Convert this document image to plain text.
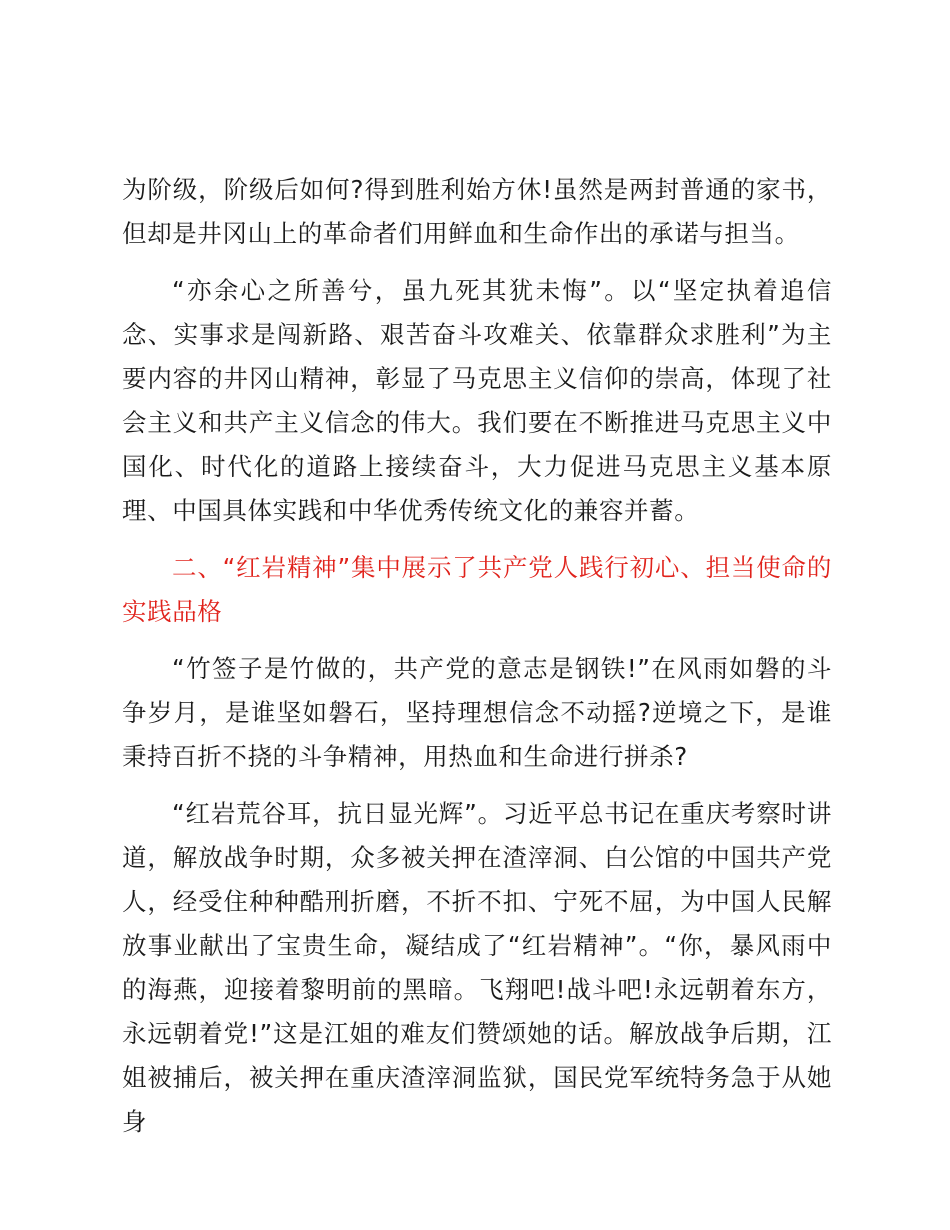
为阶级，阶级后如何?得到胜利始方休!虽然是两封普通的家书，但却是井冈山上的革命者们用鲜血和生命作出的承诺与担当。

“亦余心之所善兮，虽九死其犹未悔”。以“坚定执着追信念、实事求是闯新路、艰苦奋斗攻难关、依靠群众求胜利”为主要内容的井冈山精神，彰显了马克思主义信仰的崇高，体现了社会主义和共产主义信念的伟大。我们要在不断推进马克思主义中国化、时代化的道路上接续奋斗，大力促进马克思主义基本原理、中国具体实践和中华优秀传统文化的兼容并蓄。

二、“红岩精神”集中展示了共产党人践行初心、担当使命的实践品格

“竹签子是竹做的，共产党的意志是钢铁!”在风雨如磐的斗争岁月，是谁坚如磐石，坚持理想信念不动摇?逆境之下，是谁秉持百折不挠的斗争精神，用热血和生命进行拼杀?

“红岩荒谷耳，抗日显光辉”。习近平总书记在重庆考察时讲道，解放战争时期，众多被关押在渣滓洞、白公馆的中国共产党人，经受住种种酷刑折磨，不折不扣、宁死不屈，为中国人民解放事业献出了宝贵生命，凝结成了“红岩精神”。“你，暴风雨中的海燕，迎接着黎明前的黑暗。飞翔吧!战斗吧!永远朝着东方，永远朝着党!”这是江姐的难友们赞颂她的话。解放战争后期，江姐被捕后，被关押在重庆渣滓洞监狱，国民党军统特务急于从她身
